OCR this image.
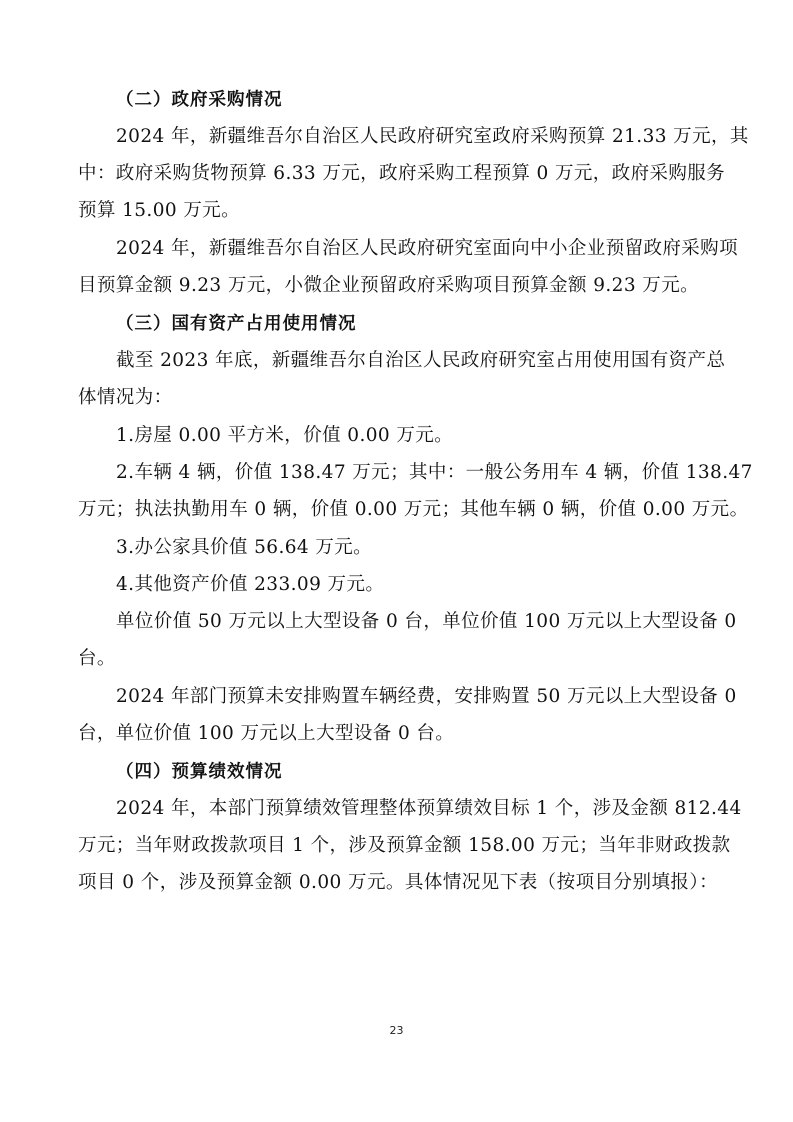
（二）政府采购情况
2024 年，新疆维吾尔自治区人民政府研究室政府采购预算 21.33 万元，其
中：政府采购货物预算 6.33 万元，政府采购工程预算 0 万元，政府采购服务
预算 15.00 万元。
2024 年，新疆维吾尔自治区人民政府研究室面向中小企业预留政府采购项
目预算金额 9.23 万元，小微企业预留政府采购项目预算金额 9.23 万元。
（三）国有资产占用使用情况
截至 2023 年底，新疆维吾尔自治区人民政府研究室占用使用国有资产总
体情况为：
1.房屋 0.00 平方米，价值 0.00 万元。
2.车辆 4 辆，价值 138.47 万元；其中：一般公务用车 4 辆，价值 138.47
万元；执法执勤用车 0 辆，价值 0.00 万元；其他车辆 0 辆，价值 0.00 万元。
3.办公家具价值 56.64 万元。
4.其他资产价值 233.09 万元。
单位价值 50 万元以上大型设备 0 台，单位价值 100 万元以上大型设备 0
台。
2024 年部门预算未安排购置车辆经费，安排购置 50 万元以上大型设备 0
台，单位价值 100 万元以上大型设备 0 台。
（四）预算绩效情况
2024 年，本部门预算绩效管理整体预算绩效目标 1 个，涉及金额 812.44
万元；当年财政拨款项目 1 个，涉及预算金额 158.00 万元；当年非财政拨款
项目 0 个，涉及预算金额 0.00 万元。具体情况见下表（按项目分别填报）：
23
